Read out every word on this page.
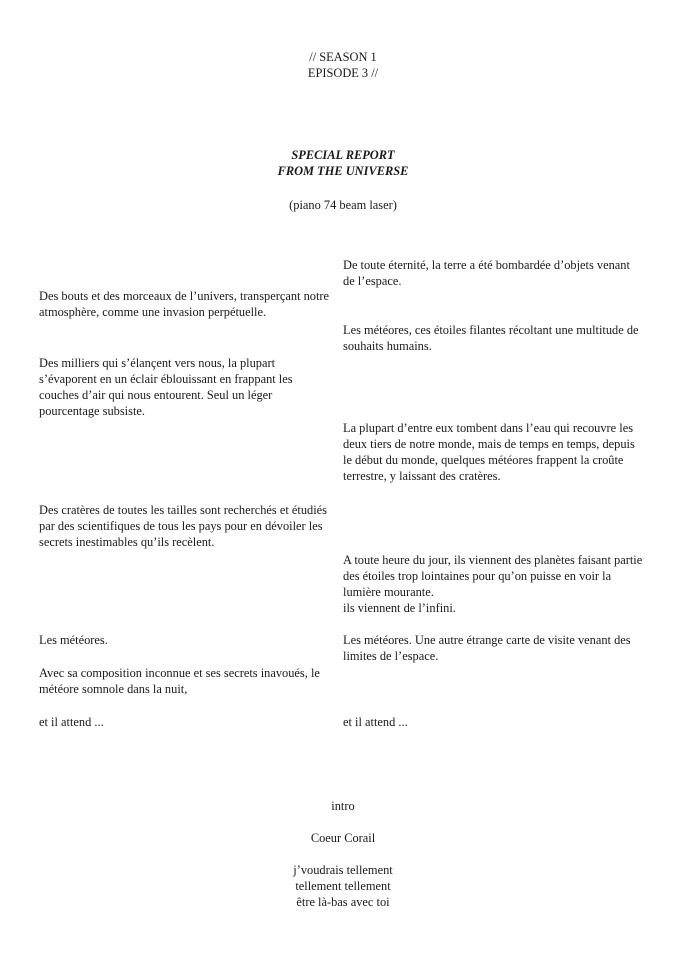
// SEASON 1
EPISODE 3 //
SPECIAL REPORT
FROM THE UNIVERSE
(piano 74 beam laser)

Des bouts et des morceaux de l’univers, transperçant notre atmosphère, comme une invasion perpétuelle.

Des milliers qui s’élançent vers nous, la plupart s’évaporent en un éclair éblouissant en frappant les couches d’air qui nous entourent. Seul un léger pourcentage subsiste.

Des cratères de toutes les tailles sont recherchés et étudiés par des scientifiques de tous les pays pour en dévoiler les secrets inestimables qu’ils recèlent.

Les météores.

Avec sa composition inconnue et ses secrets inavoués, le météore somnole dans la nuit,

et il attend ...

De toute éternité, la terre a été bombardée d’objets venant de l’espace.

Les météores, ces étoiles filantes récoltant une multitude de souhaits humains.

La plupart d’entre eux tombent dans l’eau qui recouvre les deux tiers de notre monde, mais de temps en temps, depuis le début du monde, quelques météores frappent la croûte terrestre, y laissant des cratères.

A toute heure du jour, ils viennent des planètes faisant partie des étoiles trop lointaines pour qu’on puisse en voir la lumière mourante.
ils viennent de l’infini.

Les météores. Une autre étrange carte de visite venant des limites de l’espace.

et il attend ...

intro
Coeur Corail
j’voudrais tellement
tellement tellement
être là-bas avec toi
